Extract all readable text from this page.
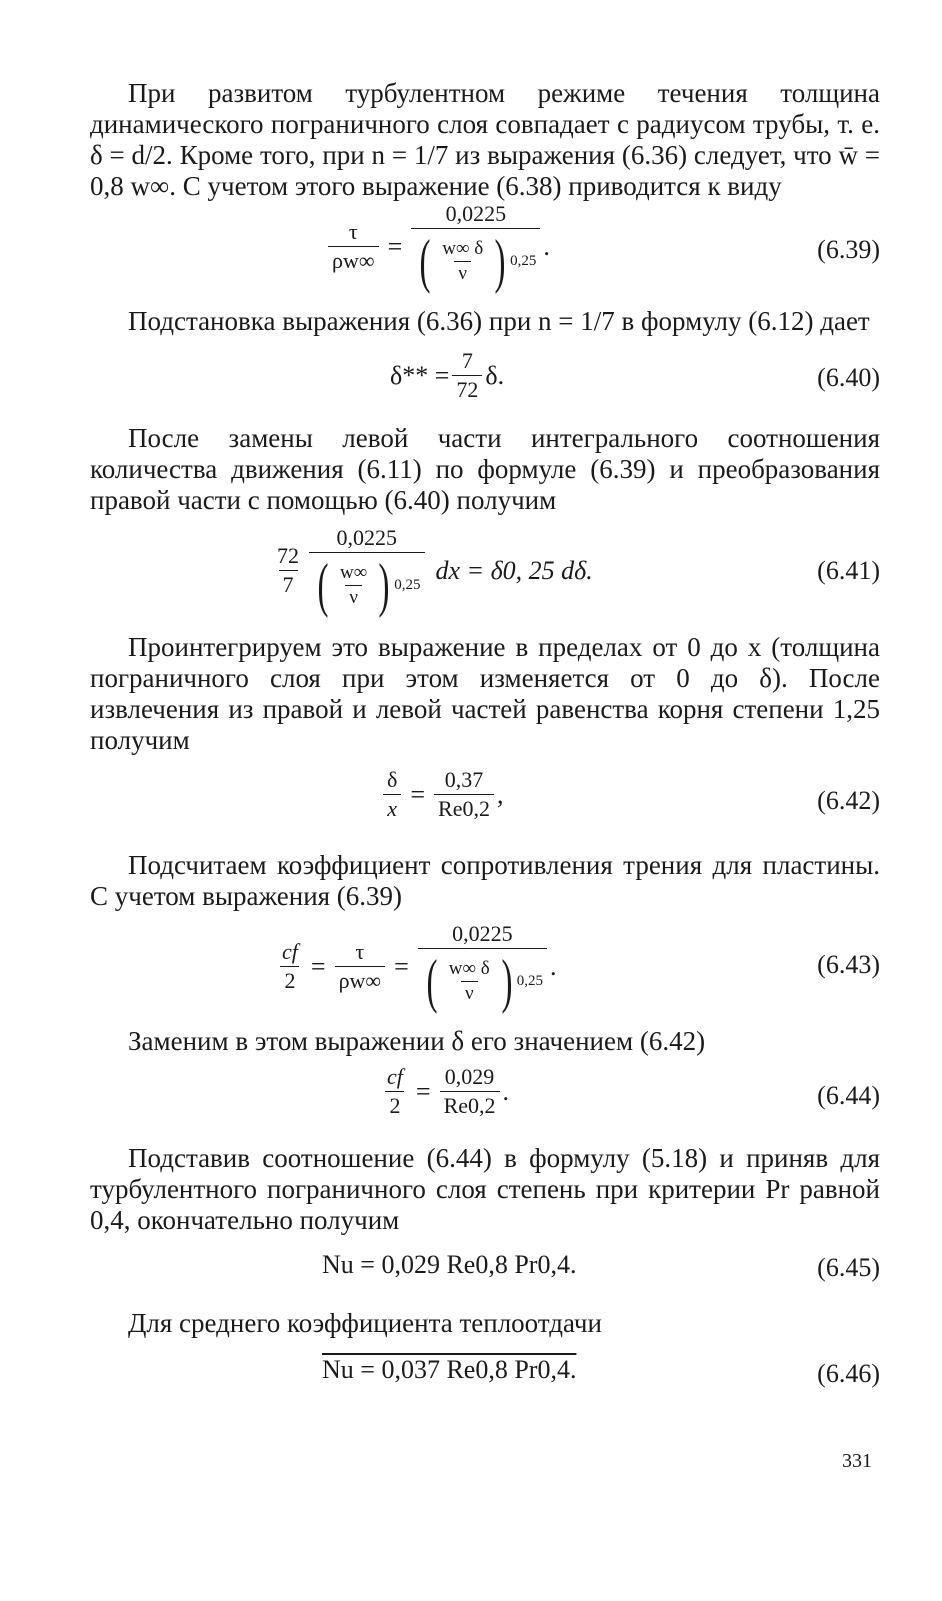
При развитом турбулентном режиме течения толщина динамического пограничного слоя совпадает с радиусом трубы, т. е. δ = d/2. Кроме того, при n = 1/7 из выражения (6.36) следует, что w̄ = 0,8 w∞. С учетом этого выражение (6.38) приводится к виду

$\frac{\tau}{\rho w\infty} = \frac{0,0225}{( \frac{w\infty \delta}{\nu} ) 0,25}$ .	(6.39)

Подстановка выражения (6.36) при n = 1/7 в формулу (6.12) дает

$\delta** = \frac{7}{72} \delta$.	(6.40)

После замены левой части интегрального соотношения количества движения (6.11) по формуле (6.39) и преобразования правой части с помощью (6.40) получим

$\frac{72}{7} \frac{0,0225}{( \frac{w\infty}{\nu} ) 0,25}$ dx = δ0, 25 dδ.	(6.41)

Проинтегрируем это выражение в пределах от 0 до x (толщина пограничного слоя при этом изменяется от 0 до δ). После извлечения из правой и левой частей равенства корня степени 1,25 получим

$\frac{\delta}{x} = \frac{0,37}{Re0,2}$ ,	(6.42)

Подсчитаем коэффициент сопротивления трения для пластины. С учетом выражения (6.39)

$\frac{cf}{2} = \frac{\tau}{\rho w\infty} = \frac{0,0225}{( \frac{w\infty \delta}{\nu} ) 0,25}$ .	(6.43)

Заменим в этом выражении δ его значением (6.42)

$\frac{cf}{2} = \frac{0,029}{Re0,2}$ .	(6.44)

Подставив соотношение (6.44) в формулу (5.18) и приняв для турбулентного пограничного слоя степень при критерии Pr равной 0,4, окончательно получим

Nu = 0,029 Re0,8 Pr0,4.	(6.45)

Для среднего коэффициента теплоотдачи

Nu = 0,037 Re0,8 Pr0,4.	(6.46)
331
